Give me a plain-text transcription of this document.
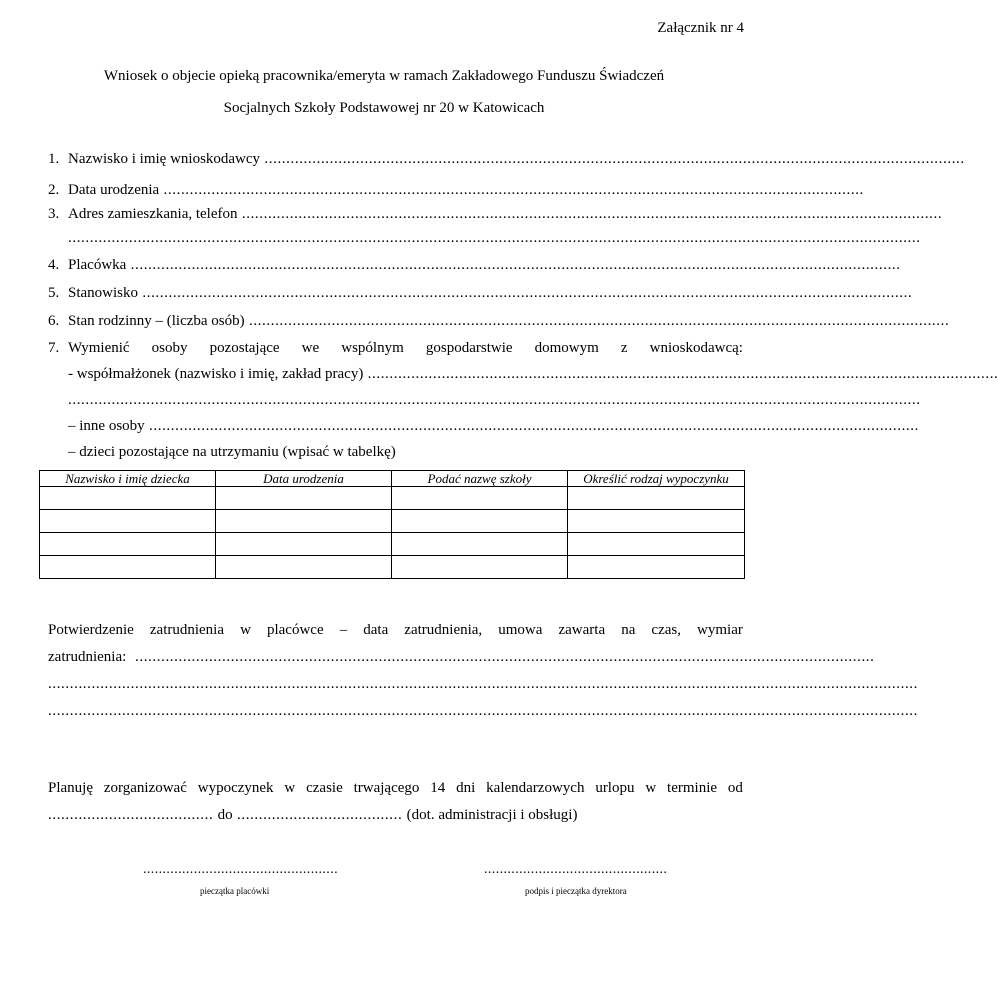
Załącznik nr 4
Wniosek o objecie opieką pracownika/emeryta w ramach Zakładowego Funduszu Świadczeń
Socjalnych Szkoły Podstawowej nr 20 w Katowicach
1. Nazwisko i imię wnioskodawcy .................................................................................................................................................................
2. Data urodzenia .................................................................................................................................................................
3. Adres zamieszkania, telefon .................................................................................................................................................................
....................................................................................................................................................................................................
4. Placówka .................................................................................................................................................................................
5. Stanowisko .................................................................................................................................................................................
6. Stan rodzinny – (liczba osób) .................................................................................................................................................................
7. Wymienić osoby pozostające we wspólnym gospodarstwie domowym z wnioskodawcą:
- współmałżonek (nazwisko i imię, zakład pracy) .................................................................................................................................................
....................................................................................................................................................................................................
– inne osoby .................................................................................................................................................................................
– dzieci pozostające na utrzymaniu (wpisać w tabelkę)
Nazwisko i imię dziecka	Data urodzenia	Podać nazwę szkoły	Określić rodzaj wypoczynku

Potwierdzenie zatrudnienia w placówce – data zatrudnienia, umowa zawarta na czas, wymiar
zatrudnienia: ..........................................................................................................................................................................
........................................................................................................................................................................................................
........................................................................................................................................................................................................
Planuję zorganizować wypoczynek w czasie trwającego 14 dni kalendarzowych urlopu w terminie od
...................................... do ...................................... (dot. administracji i obsługi)
..................................................
pieczątka placówki
...............................................
podpis i pieczątka dyrektora
